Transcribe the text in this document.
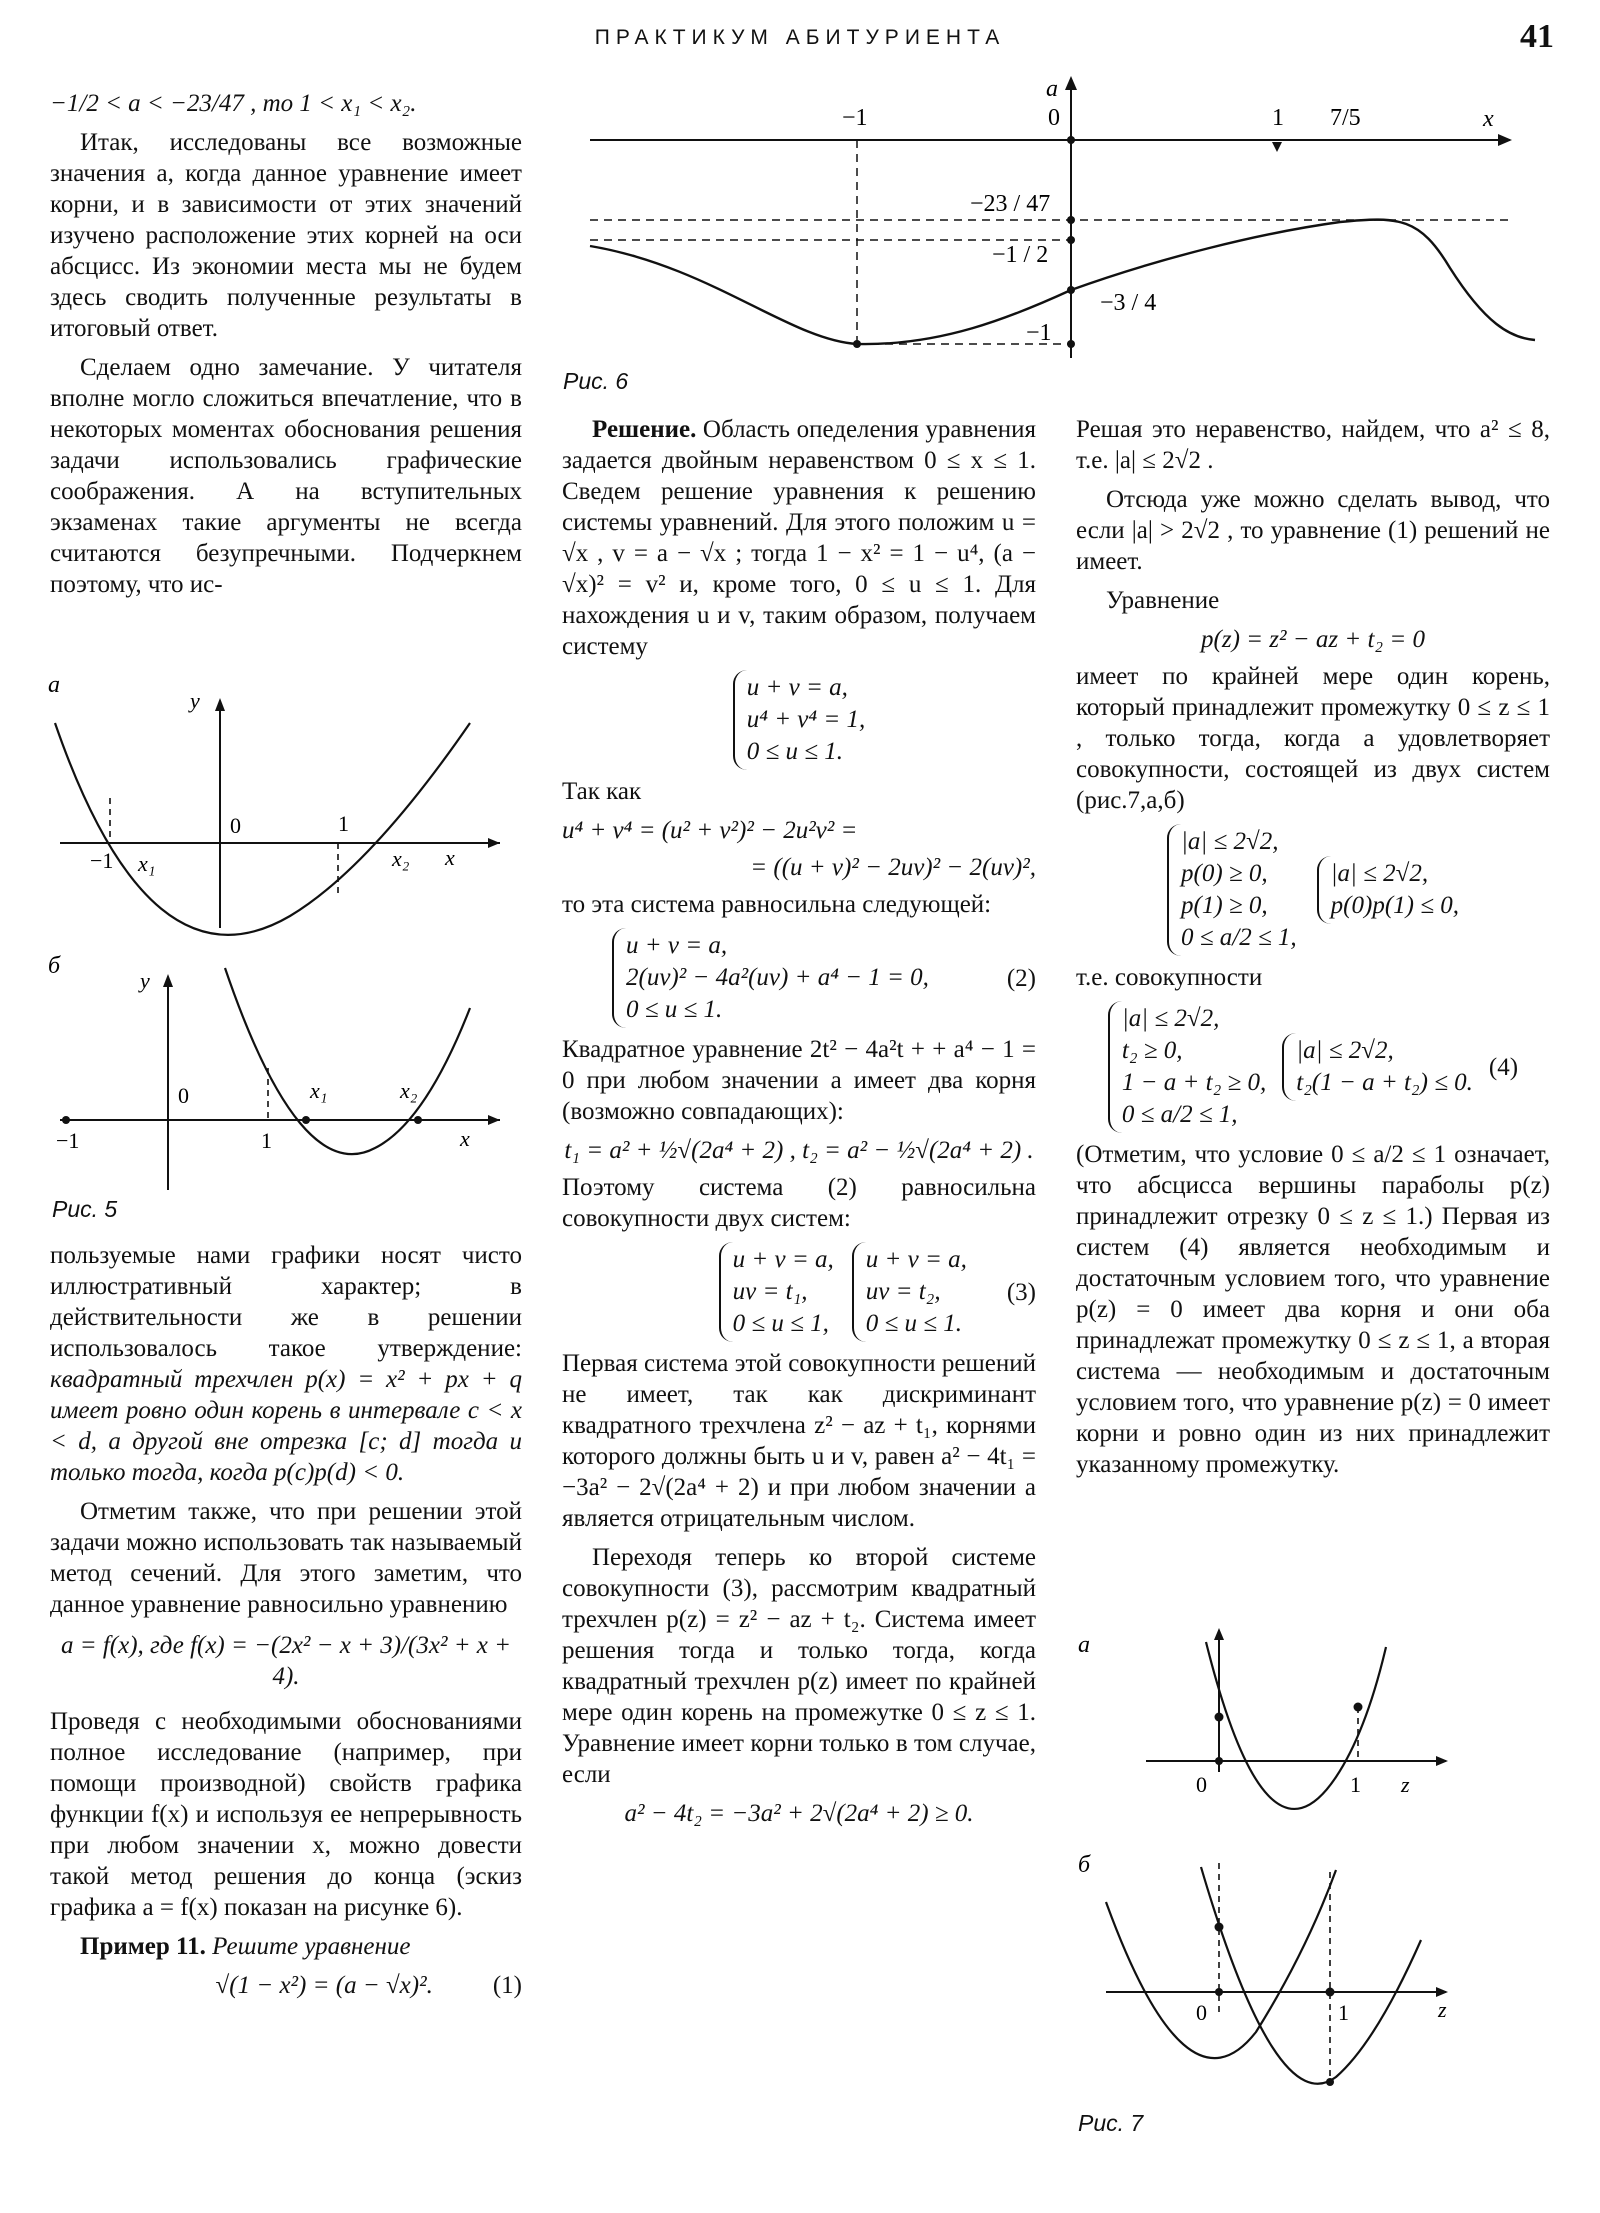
ПРАКТИКУМ АБИТУРИЕНТА	41

−1/2 < a < −23/47 , то 1 < x₁ < x₂.

Итак, исследованы все возможные значения a, когда данное уравнение имеет корни, и в зависимости от этих значений изучено расположение этих корней на оси абсцисс. Из экономии места мы не будем здесь сводить полученные результаты в итоговый ответ.

Сделаем одно замечание. У читателя вполне могло сложиться впечатление, что в некоторых моментах обоснования решения задачи использовались графические соображения. А на вступительных экзаменах такие аргументы не всегда считаются безупречными. Подчеркнем поэтому, что ис-

а
y
0	1
−1 x₁	x₂ x
б
y
0
1
−1
x₁	x₂
x
Рис. 5

пользуемые нами графики носят чисто иллюстративный характер; в действительности же в решении использовалось такое утверждение: квадратный трехчлен p(x) = x² + px + q имеет ровно один корень в интервале c < x < d, а другой вне отрезка [c; d] тогда и только тогда, когда p(c)p(d) < 0.

Отметим также, что при решении этой задачи можно использовать так называемый метод сечений. Для этого заметим, что данное уравнение равносильно уравнению

a = f(x), где f(x) = −(2x² − x + 3)/(3x² + x + 4).

Проведя с необходимыми обоснованиями полное исследование (например, при помощи производной) свойств графика функции f(x) и используя ее непрерывность при любом значении x, можно довести такой метод решения до конца (эскиз графика a = f(x) показан на рисунке 6).

Пример 11. Решите уравнение

√(1 − x²) = (a − √x)². (1)
a
x
−1	0	1 7/5
−23 / 47
−1 / 2
−3 / 4
−1
Рис. 6

Решение. Область опеделения уравнения задается двойным неравенством 0 ≤ x ≤ 1. Сведем решение уравнения к решению системы уравнений. Для этого положим u = √x , v = a − √x ; тогда 1 − x² = 1 − u⁴, (a − √x)² = v² и, кроме того, 0 ≤ u ≤ 1. Для нахождения u и v, таким образом, получаем систему

u + v = a,
u⁴ + v⁴ = 1,
0 ≤ u ≤ 1.

Так как

u⁴ + v⁴ = (u² + v²)² − 2u²v² =
= ((u + v)² − 2uv)² − 2(uv)²,

то эта система равносильна следующей:

u + v = a,
2(uv)² − 4a²(uv) + a⁴ − 1 = 0,
0 ≤ u ≤ 1.
(2)

Квадратное уравнение 2t² − 4a²t + + a⁴ − 1 = 0 при любом значении a имеет два корня (возможно совпадающих):

t₁ = a² + ½√(2a⁴ + 2) , t₂ = a² − ½√(2a⁴ + 2) .

Поэтому система (2) равносильна совокупности двух систем:

u + v = a,
uv = t₁,
0 ≤ u ≤ 1,
u + v = a,
uv = t₂,
0 ≤ u ≤ 1.
(3)

Первая система этой совокупности решений не имеет, так как дискриминант квадратного трехчлена z² − az + t₁, корнями которого должны быть u и v, равен a² − 4t₁ = −3a² − 2√(2a⁴ + 2) и при любом значении a является отрицательным числом.

Переходя теперь ко второй системе совокупности (3), рассмотрим квадратный трехчлен p(z) = z² − az + t₂. Система имеет решения тогда и только тогда, когда квадратный трехчлен p(z) имеет по крайней мере один корень на промежутке 0 ≤ z ≤ 1. Уравнение имеет корни только в том случае, если

a² − 4t₂ = −3a² + 2√(2a⁴ + 2) ≥ 0.

Решая это неравенство, найдем, что a² ≤ 8, т.е. |a| ≤ 2√2 .

Отсюда уже можно сделать вывод, что если |a| > 2√2 , то уравнение (1) решений не имеет.

Уравнение

p(z) = z² − az + t₂ = 0

имеет по крайней мере один корень, который принадлежит промежутку 0 ≤ z ≤ 1 , только тогда, когда a удовлетворяет совокупности, состоящей из двух систем (рис.7,а,б)

|a| ≤ 2√2,
p(0) ≥ 0,
p(1) ≥ 0,
0 ≤ a/2 ≤ 1,
|a| ≤ 2√2,
p(0)p(1) ≤ 0,

т.е. совокупности

|a| ≤ 2√2,
t₂ ≥ 0,
1 − a + t₂ ≥ 0,
0 ≤ a/2 ≤ 1,
|a| ≤ 2√2,
t₂(1 − a + t₂) ≤ 0.
(4)

(Отметим, что условие 0 ≤ a/2 ≤ 1 означает, что абсцисса вершины параболы p(z) принадлежит отрезку 0 ≤ z ≤ 1.) Первая из систем (4) является необходимым и достаточным условием того, что уравнение p(z) = 0 имеет два корня и они оба принадлежат промежутку 0 ≤ z ≤ 1, а вторая система — необходимым и достаточным условием того, что уравнение p(z) = 0 имеет корни и ровно один из них принадлежит указанному промежутку.

а
0	1 z
б
0	1	z
Рис. 7
